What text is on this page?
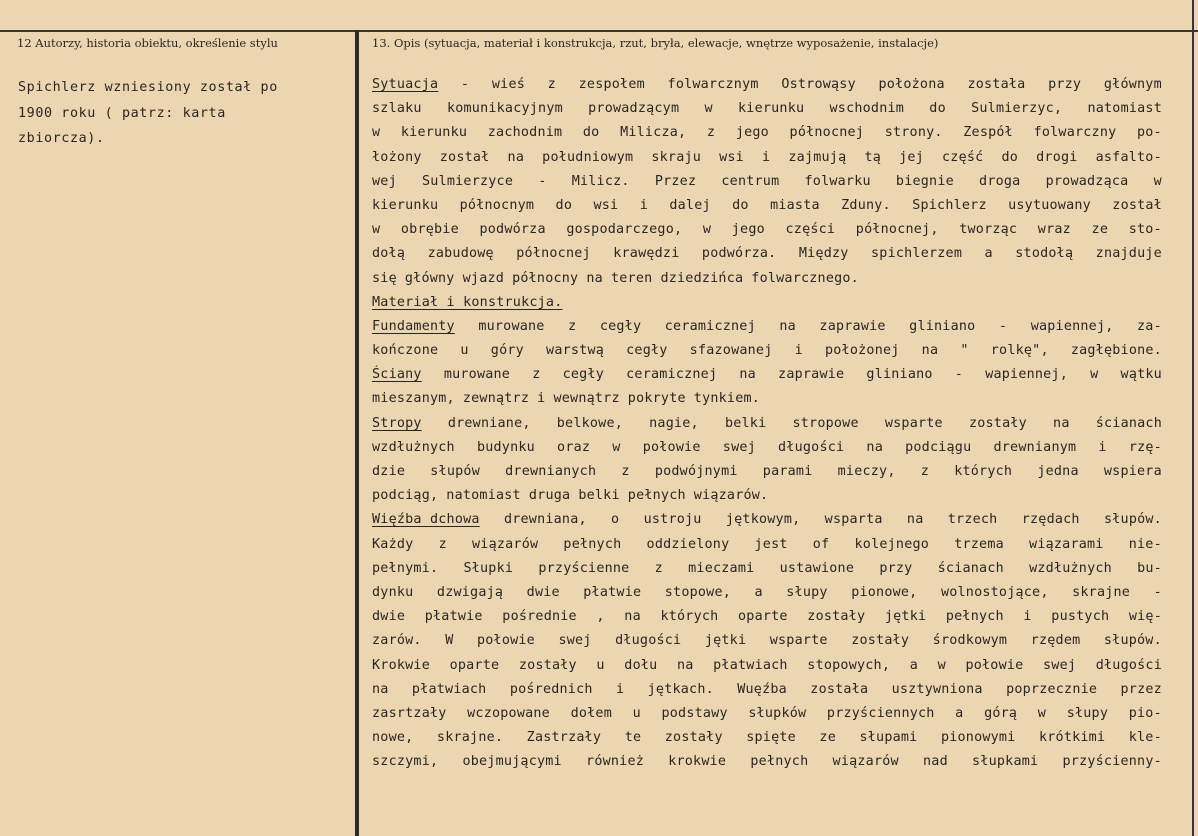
12 Autorzy, historia obiektu, określenie stylu	13. Opis (sytuacja, materiał i konstrukcja, rzut, bryła, elewacje, wnętrze wyposażenie, instalacje)
Spichlerz wzniesiony został po
1900 roku ( patrz: karta
zbiorcza).
Sytuacja - wieś z zespołem folwarcznym Ostrowąsy położona została przy głównym
szlaku komunikacyjnym prowadzącym w kierunku wschodnim do Sulmierzyc, natomiast
w kierunku zachodnim do Milicza, z jego północnej strony. Zespół folwarczny po-
łożony został na południowym skraju wsi i zajmują tą jej część do drogi asfalto-
wej Sulmierzyce - Milicz. Przez centrum folwarku biegnie droga prowadząca w
kierunku północnym do wsi i dalej do miasta Zduny. Spichlerz usytuowany został
w obrębie podwórza gospodarczego, w jego części północnej, tworząc wraz ze sto-
dołą zabudowę północnej krawędzi podwórza. Między spichlerzem a stodołą znajduje
się główny wjazd północny na teren dziedzińca folwarcznego.
Materiał i konstrukcja.
Fundamenty murowane z cegły ceramicznej na zaprawie gliniano - wapiennej, za-
kończone u góry warstwą cegły sfazowanej i położonej na " rolkę", zagłębione.
Ściany murowane z cegły ceramicznej na zaprawie gliniano - wapiennej, w wątku
mieszanym, zewnątrz i wewnątrz pokryte tynkiem.
Stropy drewniane, belkowe, nagie, belki stropowe wsparte zostały na ścianach
wzdłużnych budynku oraz w połowie swej długości na podciągu drewnianym i rzę-
dzie słupów drewnianych z podwójnymi parami mieczy, z których jedna wspiera
podciąg, natomiast druga belki pełnych wiązarów.
Więźba dchowa drewniana, o ustroju jętkowym, wsparta na trzech rzędach słupów.
Każdy z wiązarów pełnych oddzielony jest of kolejnego trzema wiązarami nie-
pełnymi. Słupki przyścienne z mieczami ustawione przy ścianach wzdłużnych bu-
dynku dzwigają dwie płatwie stopowe, a słupy pionowe, wolnostojące, skrajne -
dwie płatwie pośrednie , na których oparte zostały jętki pełnych i pustych wię-
zarów. W połowie swej długości jętki wsparte zostały środkowym rzędem słupów.
Krokwie oparte zostały u dołu na płatwiach stopowych, a w połowie swej długości
na płatwiach pośrednich i jętkach. Wuęźba została usztywniona poprzecznie przez
zasrtzały wczopowane dołem u podstawy słupków przyściennych a górą w słupy pio-
nowe, skrajne. Zastrzały te zostały spięte ze słupami pionowymi krótkimi kle-
szczymi, obejmującymi również krokwie pełnych wiązarów nad słupkami przyścienny-
